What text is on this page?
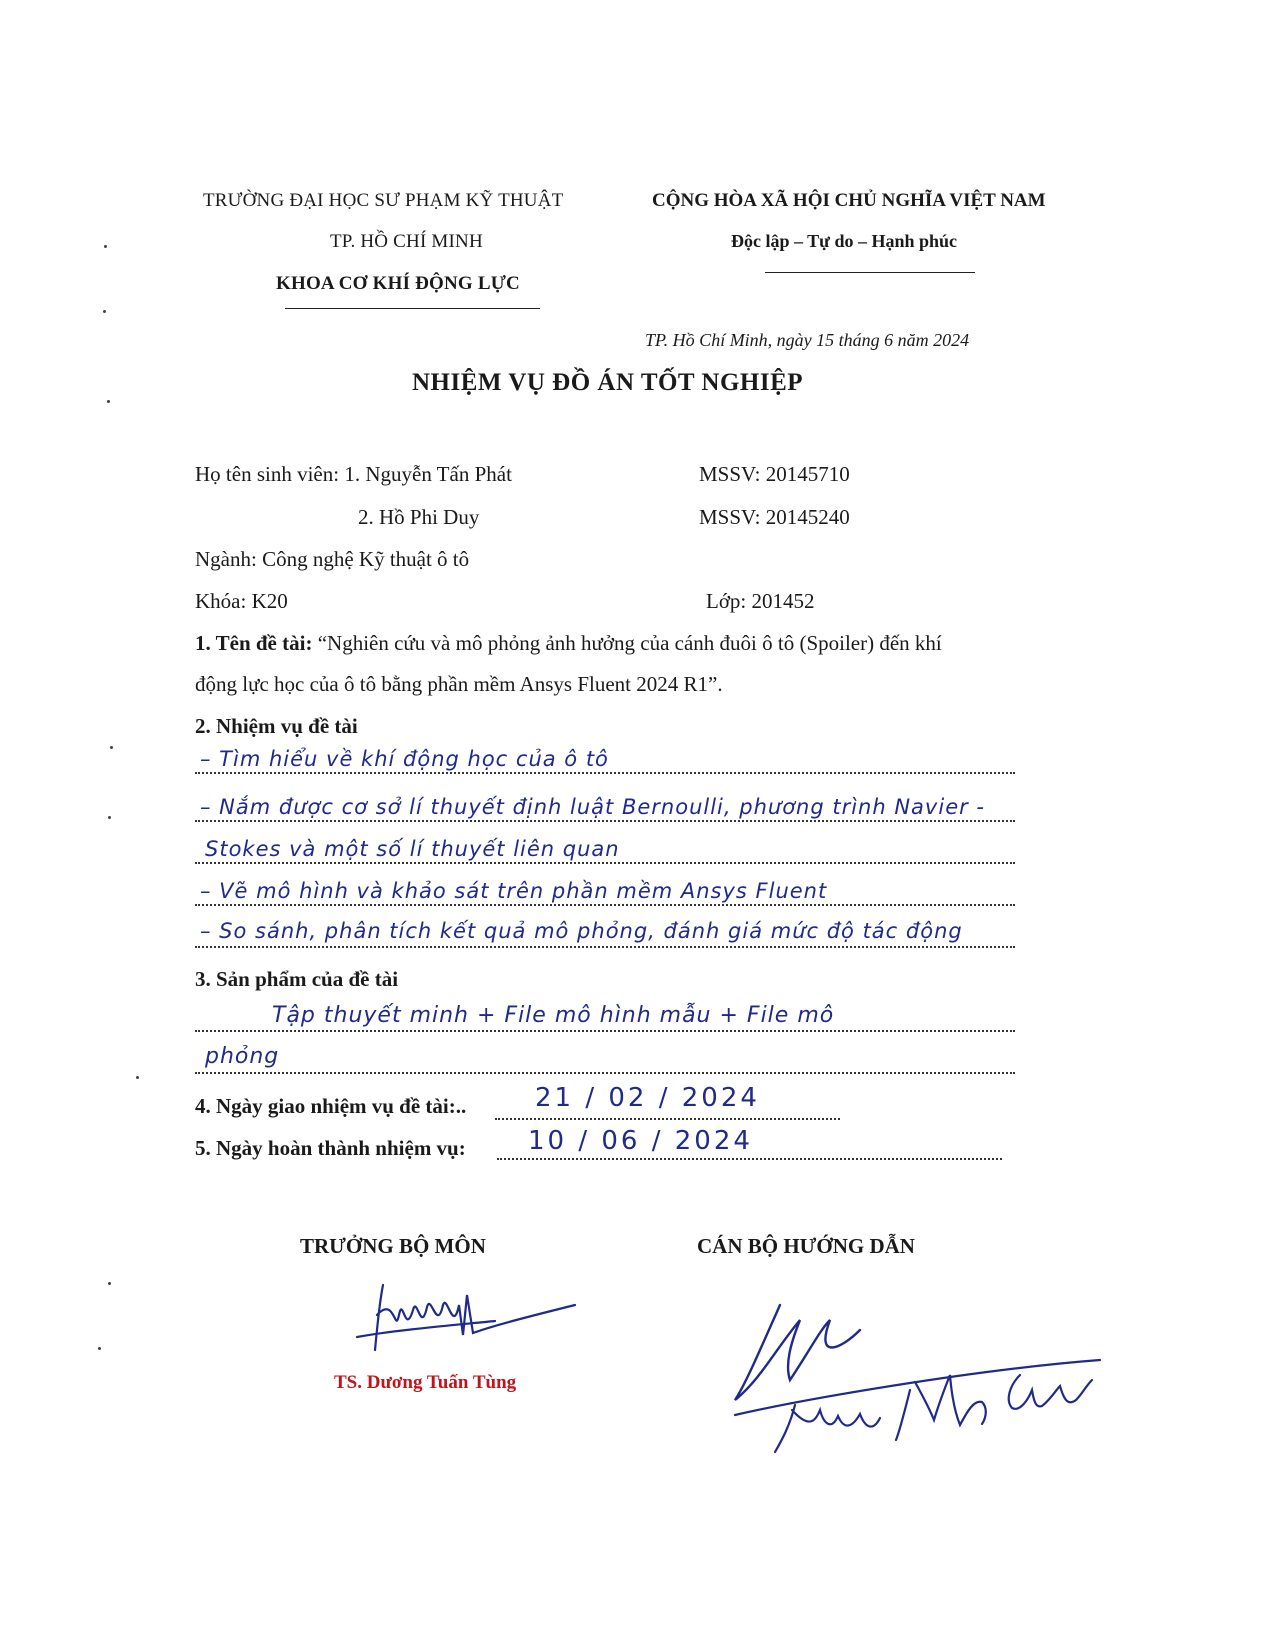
TRƯỜNG ĐẠI HỌC SƯ PHẠM KỸ THUẬT
TP. HỒ CHÍ MINH
KHOA CƠ KHÍ ĐỘNG LỰC
CỘNG HÒA XÃ HỘI CHỦ NGHĨA VIỆT NAM
Độc lập – Tự do – Hạnh phúc
TP. Hồ Chí Minh, ngày 15 tháng 6 năm 2024
NHIỆM VỤ ĐỒ ÁN TỐT NGHIỆP
Họ tên sinh viên: 1. Nguyễn Tấn Phát	MSSV: 20145710
2. Hồ Phi Duy	MSSV: 20145240
Ngành: Công nghệ Kỹ thuật ô tô
Khóa: K20	Lớp: 201452
1. Tên đề tài: “Nghiên cứu và mô phỏng ảnh hưởng của cánh đuôi ô tô (Spoiler) đến khí
động lực học của ô tô bằng phần mềm Ansys Fluent 2024 R1”.
2. Nhiệm vụ đề tài
– Tìm hiểu về khí động học của ô tô
– Nắm được cơ sở lí thuyết định luật Bernoulli, phương trình Navier -
Stokes và một số lí thuyết liên quan
– Vẽ mô hình và khảo sát trên phần mềm Ansys Fluent
– So sánh, phân tích kết quả mô phỏng, đánh giá mức độ tác động
3. Sản phẩm của đề tài
Tập thuyết minh + File mô hình mẫu + File mô
phỏng
4. Ngày giao nhiệm vụ đề tài:..	21 / 02 / 2024
5. Ngày hoàn thành nhiệm vụ: 10 / 06 / 2024
TRƯỞNG BỘ MÔN	CÁN BỘ HƯỚNG DẪN
TS. Dương Tuấn Tùng
